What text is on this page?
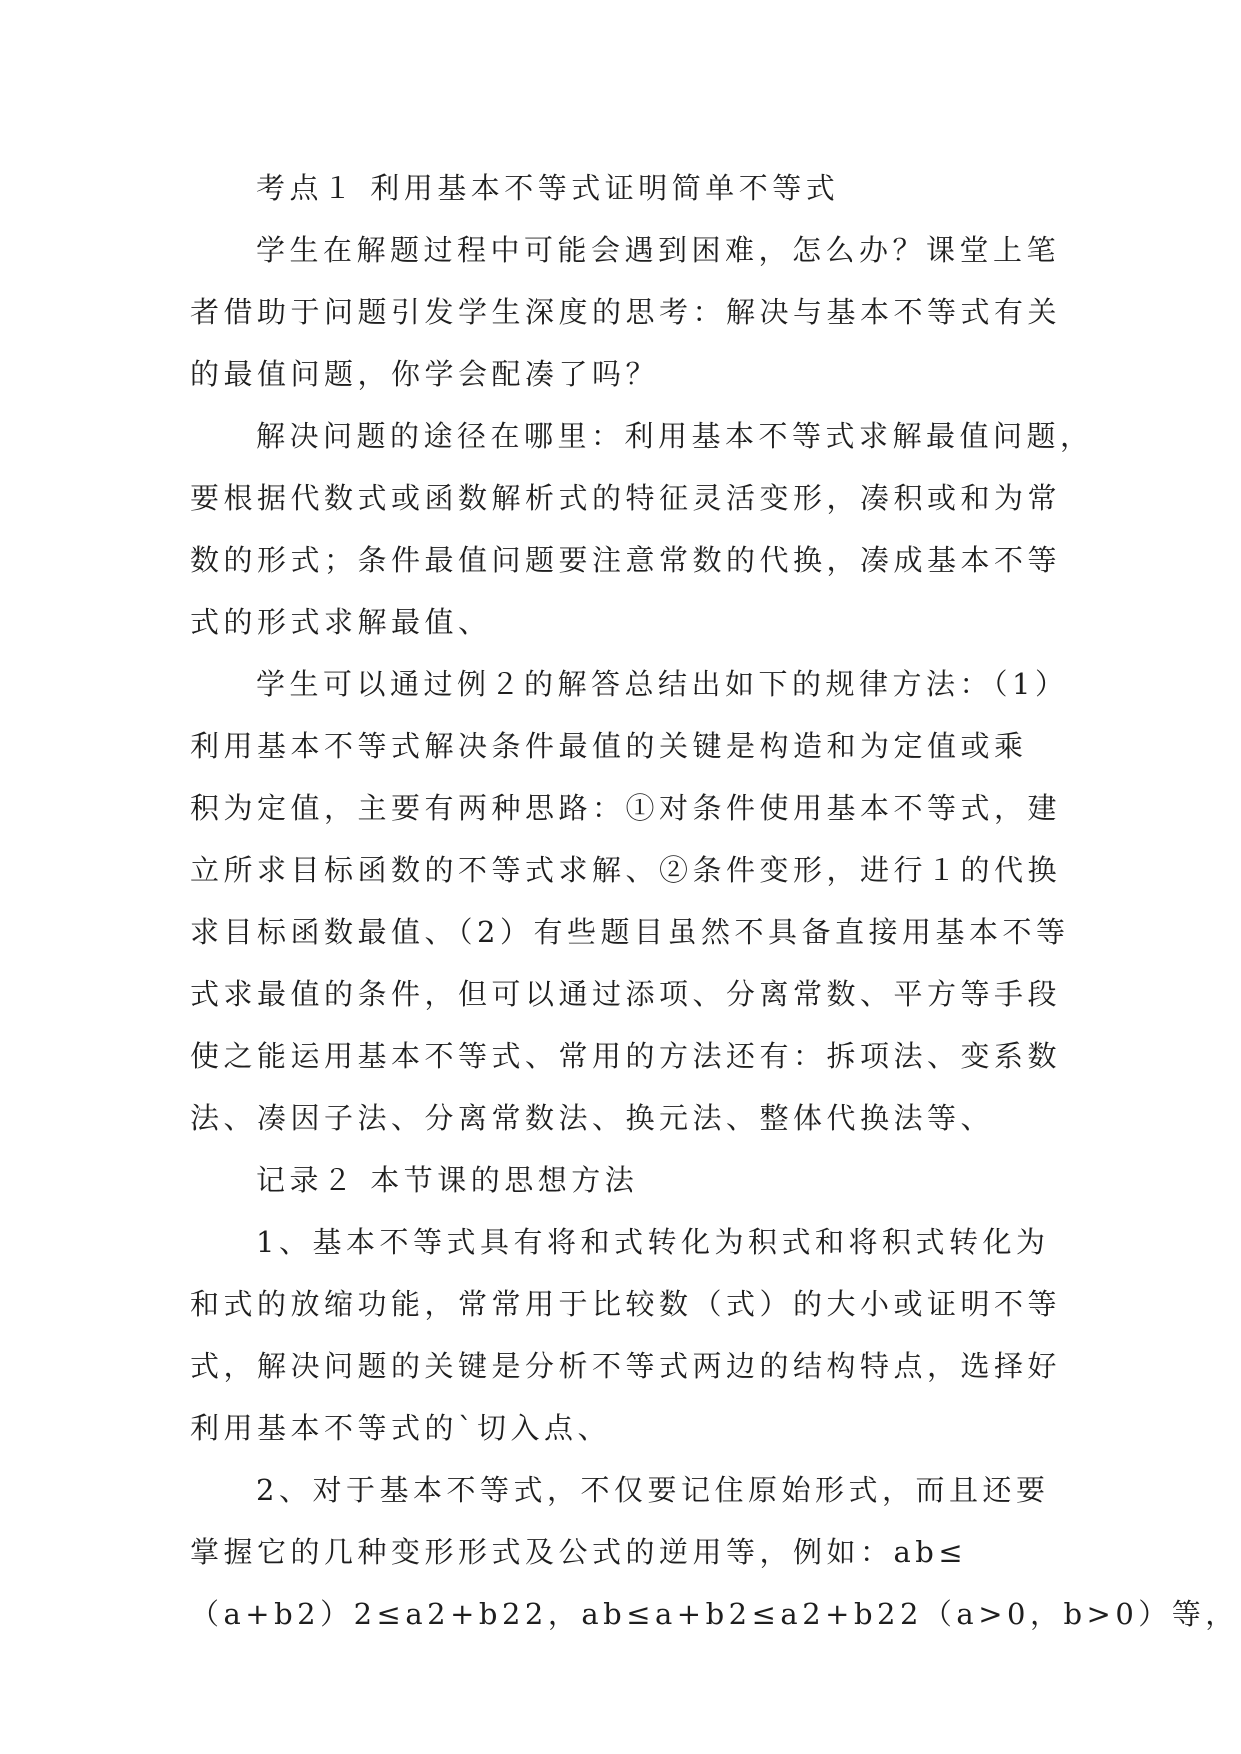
考点１ 利用基本不等式证明简单不等式
学生在解题过程中可能会遇到困难，怎么办？课堂上笔
者借助于问题引发学生深度的思考：解决与基本不等式有关
的最值问题，你学会配凑了吗？
解决问题的途径在哪里：利用基本不等式求解最值问题，
要根据代数式或函数解析式的特征灵活变形，凑积或和为常
数的形式；条件最值问题要注意常数的代换，凑成基本不等
式的形式求解最值、
学生可以通过例２的解答总结出如下的规律方法：（1）
利用基本不等式解决条件最值的关键是构造和为定值或乘
积为定值，主要有两种思路：①对条件使用基本不等式，建
立所求目标函数的不等式求解、②条件变形，进行１的代换
求目标函数最值、（2）有些题目虽然不具备直接用基本不等
式求最值的条件，但可以通过添项、分离常数、平方等手段
使之能运用基本不等式、常用的方法还有：拆项法、变系数
法、凑因子法、分离常数法、换元法、整体代换法等、
记录２ 本节课的思想方法
1、基本不等式具有将和式转化为积式和将积式转化为
和式的放缩功能，常常用于比较数（式）的大小或证明不等
式，解决问题的关键是分析不等式两边的结构特点，选择好
利用基本不等式的`切入点、
2、对于基本不等式，不仅要记住原始形式，而且还要
掌握它的几种变形形式及公式的逆用等，例如：ab≤
（a+b2）2≤a2+b22，ab≤a+b2≤a2+b22（a>0，b>0）等，
